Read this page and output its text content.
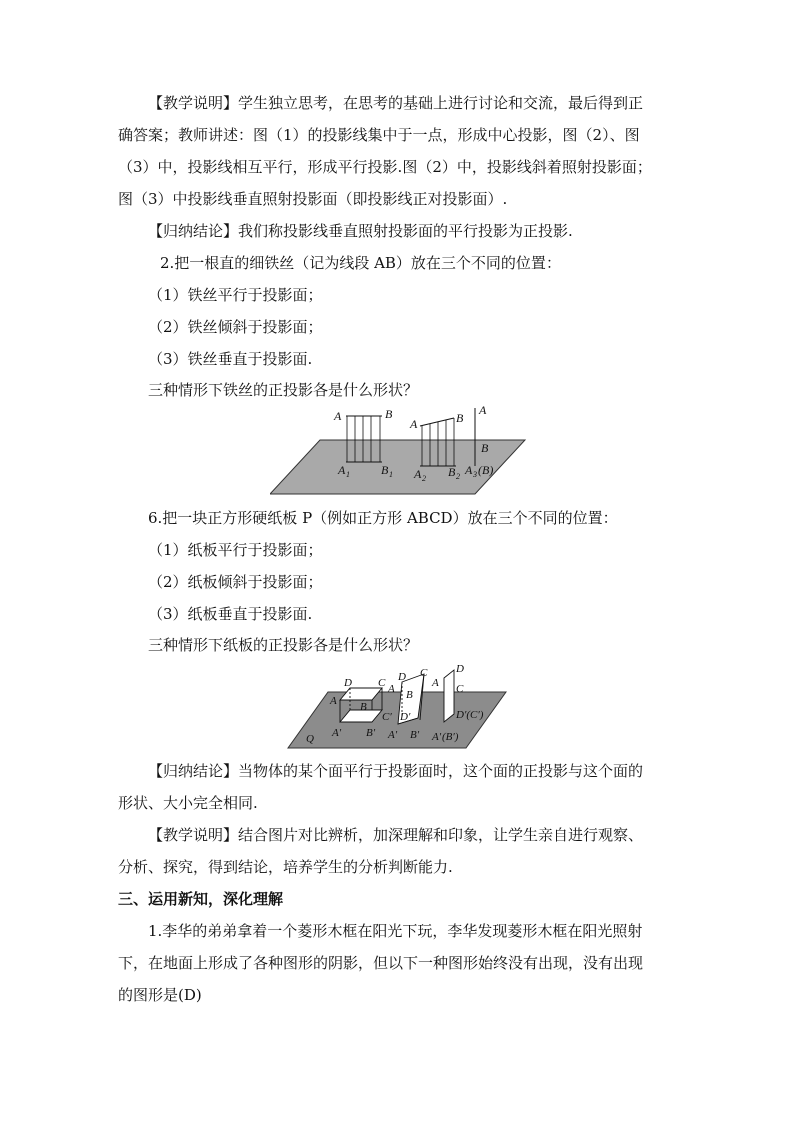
【教学说明】学生独立思考，在思考的基础上进行讨论和交流，最后得到正
确答案；教师讲述：图（1）的投影线集中于一点，形成中心投影，图（2）、图
（3）中，投影线相互平行，形成平行投影.图（2）中，投影线斜着照射投影面；
图（3）中投影线垂直照射投影面（即投影线正对投影面）.
【归纳结论】我们称投影线垂直照射投影面的平行投影为正投影.
2.把一根直的细铁丝（记为线段 AB）放在三个不同的位置：
（1）铁丝平行于投影面；
（2）铁丝倾斜于投影面；
（3）铁丝垂直于投影面.
三种情形下铁丝的正投影各是什么形状？
A	B
A 1	B 1
A	B
A 2 B 2
A
B
A 3 (B)
6.把一块正方形硬纸板 P（例如正方形 ABCD）放在三个不同的位置：
（1）纸板平行于投影面；
（2）纸板倾斜于投影面；
（3）纸板垂直于投影面.
三种情形下纸板的正投影各是什么形状？
D C
A B
C′
A′ B′
D C
A B
D′
A′ B′
D
C
A
D′(C′)
A′ (B′)
Q
【归纳结论】当物体的某个面平行于投影面时，这个面的正投影与这个面的
形状、大小完全相同.
【教学说明】结合图片对比辨析，加深理解和印象，让学生亲自进行观察、
分析、探究，得到结论，培养学生的分析判断能力.
三、运用新知，深化理解
1.李华的弟弟拿着一个菱形木框在阳光下玩，李华发现菱形木框在阳光照射
下，在地面上形成了各种图形的阴影，但以下一种图形始终没有出现，没有出现
的图形是(D)
